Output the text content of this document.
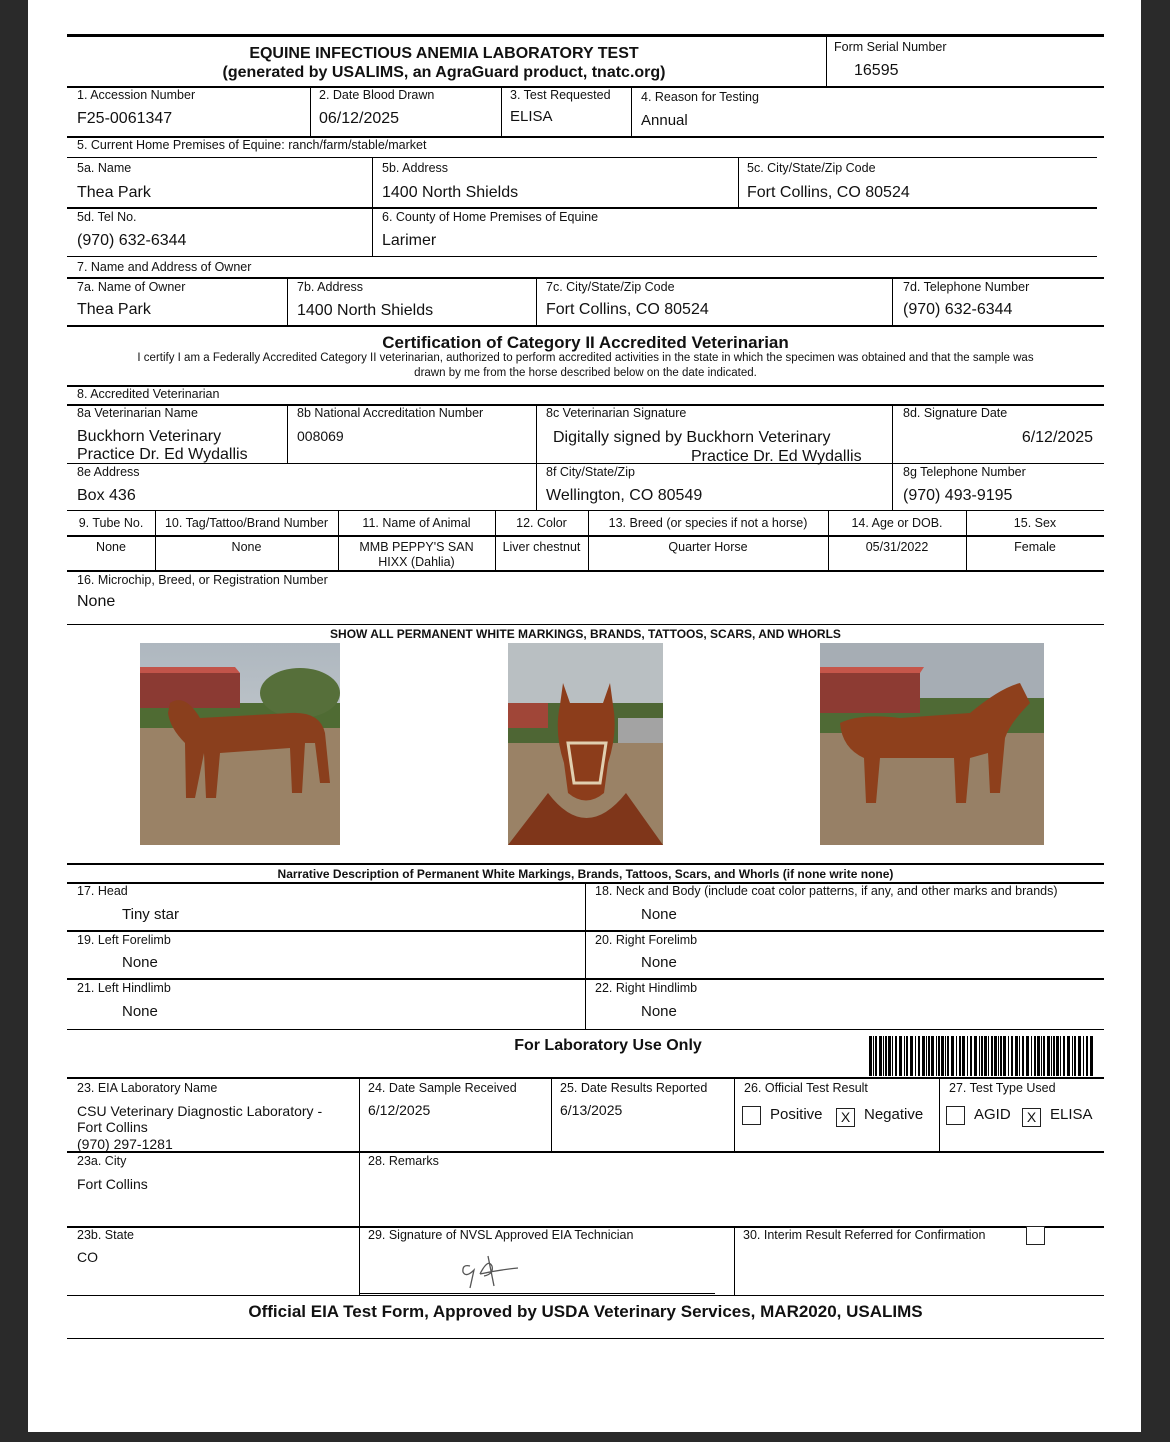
EQUINE INFECTIOUS ANEMIA LABORATORY TEST
(generated by USALIMS, an AgraGuard product, tnatc.org)
Form Serial Number
16595
1. Accession Number
F25-0061347
2. Date Blood Drawn
06/12/2025
3. Test Requested
ELISA
4. Reason for Testing
Annual
5. Current Home Premises of Equine: ranch/farm/stable/market
5a. Name
Thea Park
5b. Address
1400 North Shields
5c. City/State/Zip Code
Fort Collins, CO 80524
5d. Tel No.
(970) 632-6344
6. County of Home Premises of Equine
Larimer
7. Name and Address of Owner
7a. Name of Owner
Thea Park
7b. Address
1400 North Shields
7c. City/State/Zip Code
Fort Collins, CO 80524
7d. Telephone Number
(970) 632-6344
Certification of Category II Accredited Veterinarian
I certify I am a Federally Accredited Category II veterinarian, authorized to perform accredited activities in the state in which the specimen was obtained and that the sample was
drawn by me from the horse described below on the date indicated.
8. Accredited Veterinarian
8a Veterinarian Name
Buckhorn Veterinary
Practice Dr. Ed Wydallis
8b National Accreditation Number
008069
8c Veterinarian Signature
Digitally signed by Buckhorn Veterinary
Practice Dr. Ed Wydallis
8d. Signature Date
6/12/2025
8e Address
Box 436
8f City/State/Zip
Wellington, CO 80549
8g Telephone Number
(970) 493-9195
9. Tube No.	10. Tag/Tattoo/Brand Number	11. Name of Animal	12. Color	13. Breed (or species if not a horse)	14. Age or DOB.	15. Sex
None	None	MMB PEPPY'S SAN
HIXX (Dahlia)
Liver chestnut	Quarter Horse	05/31/2022	Female
16. Microchip, Breed, or Registration Number
None
SHOW ALL PERMANENT WHITE MARKINGS, BRANDS, TATTOOS, SCARS, AND WHORLS
Narrative Description of Permanent White Markings, Brands, Tattoos, Scars, and Whorls (if none write none)
17. Head
Tiny star
18. Neck and Body (include coat color patterns, if any, and other marks and brands)
None
19. Left Forelimb
None
20. Right Forelimb
None
21. Left Hindlimb
None
22. Right Hindlimb
None
For Laboratory Use Only
23. EIA Laboratory Name
CSU Veterinary Diagnostic Laboratory -
Fort Collins
(970) 297-1281
24. Date Sample Received
6/12/2025
25. Date Results Reported
6/13/2025
26. Official Test Result
Positive	X Negative
27. Test Type Used
AGID	X ELISA
23a. City
Fort Collins
28. Remarks
23b. State
CO
29. Signature of NVSL Approved EIA Technician	30. Interim Result Referred for Confirmation
Official EIA Test Form, Approved by USDA Veterinary Services, MAR2020, USALIMS
